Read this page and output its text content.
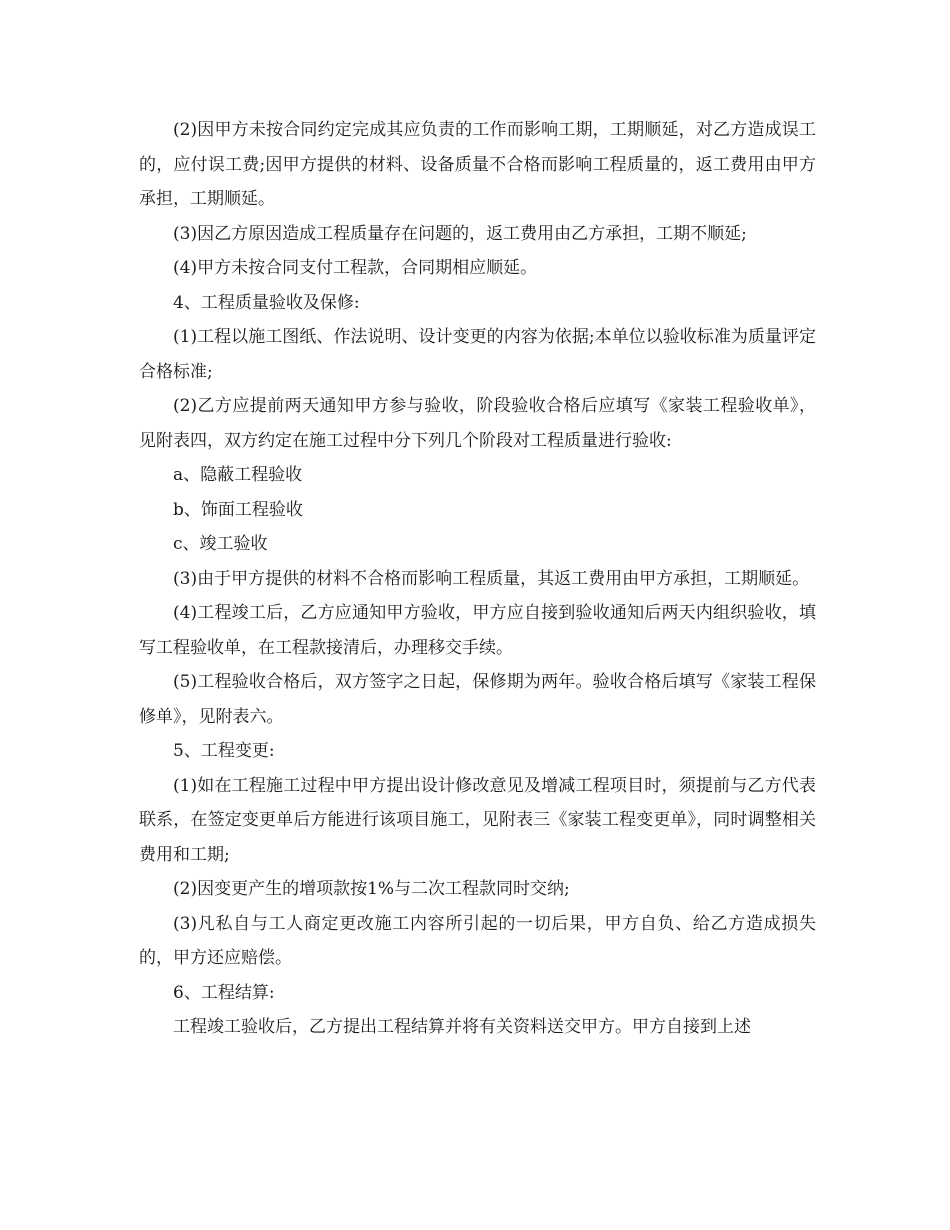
(2)因甲方未按合同约定完成其应负责的工作而影响工期，工期顺延，对乙方造成误工的，应付误工费;因甲方提供的材料、设备质量不合格而影响工程质量的，返工费用由甲方承担，工期顺延。

(3)因乙方原因造成工程质量存在问题的，返工费用由乙方承担，工期不顺延;

(4)甲方未按合同支付工程款，合同期相应顺延。

4、工程质量验收及保修:

(1)工程以施工图纸、作法说明、设计变更的内容为依据;本单位以验收标准为质量评定合格标准;

(2)乙方应提前两天通知甲方参与验收，阶段验收合格后应填写《家装工程验收单》，见附表四，双方约定在施工过程中分下列几个阶段对工程质量进行验收:

a、隐蔽工程验收

b、饰面工程验收

c、竣工验收

(3)由于甲方提供的材料不合格而影响工程质量，其返工费用由甲方承担，工期顺延。

(4)工程竣工后，乙方应通知甲方验收，甲方应自接到验收通知后两天内组织验收，填写工程验收单，在工程款接清后，办理移交手续。

(5)工程验收合格后，双方签字之日起，保修期为两年。验收合格后填写《家装工程保修单》，见附表六。

5、工程变更:

(1)如在工程施工过程中甲方提出设计修改意见及增减工程项目时，须提前与乙方代表联系，在签定变更单后方能进行该项目施工，见附表三《家装工程变更单》，同时调整相关费用和工期;

(2)因变更产生的增项款按1%与二次工程款同时交纳;

(3)凡私自与工人商定更改施工内容所引起的一切后果，甲方自负、给乙方造成损失的，甲方还应赔偿。

6、工程结算:

工程竣工验收后，乙方提出工程结算并将有关资料送交甲方。甲方自接到上述
